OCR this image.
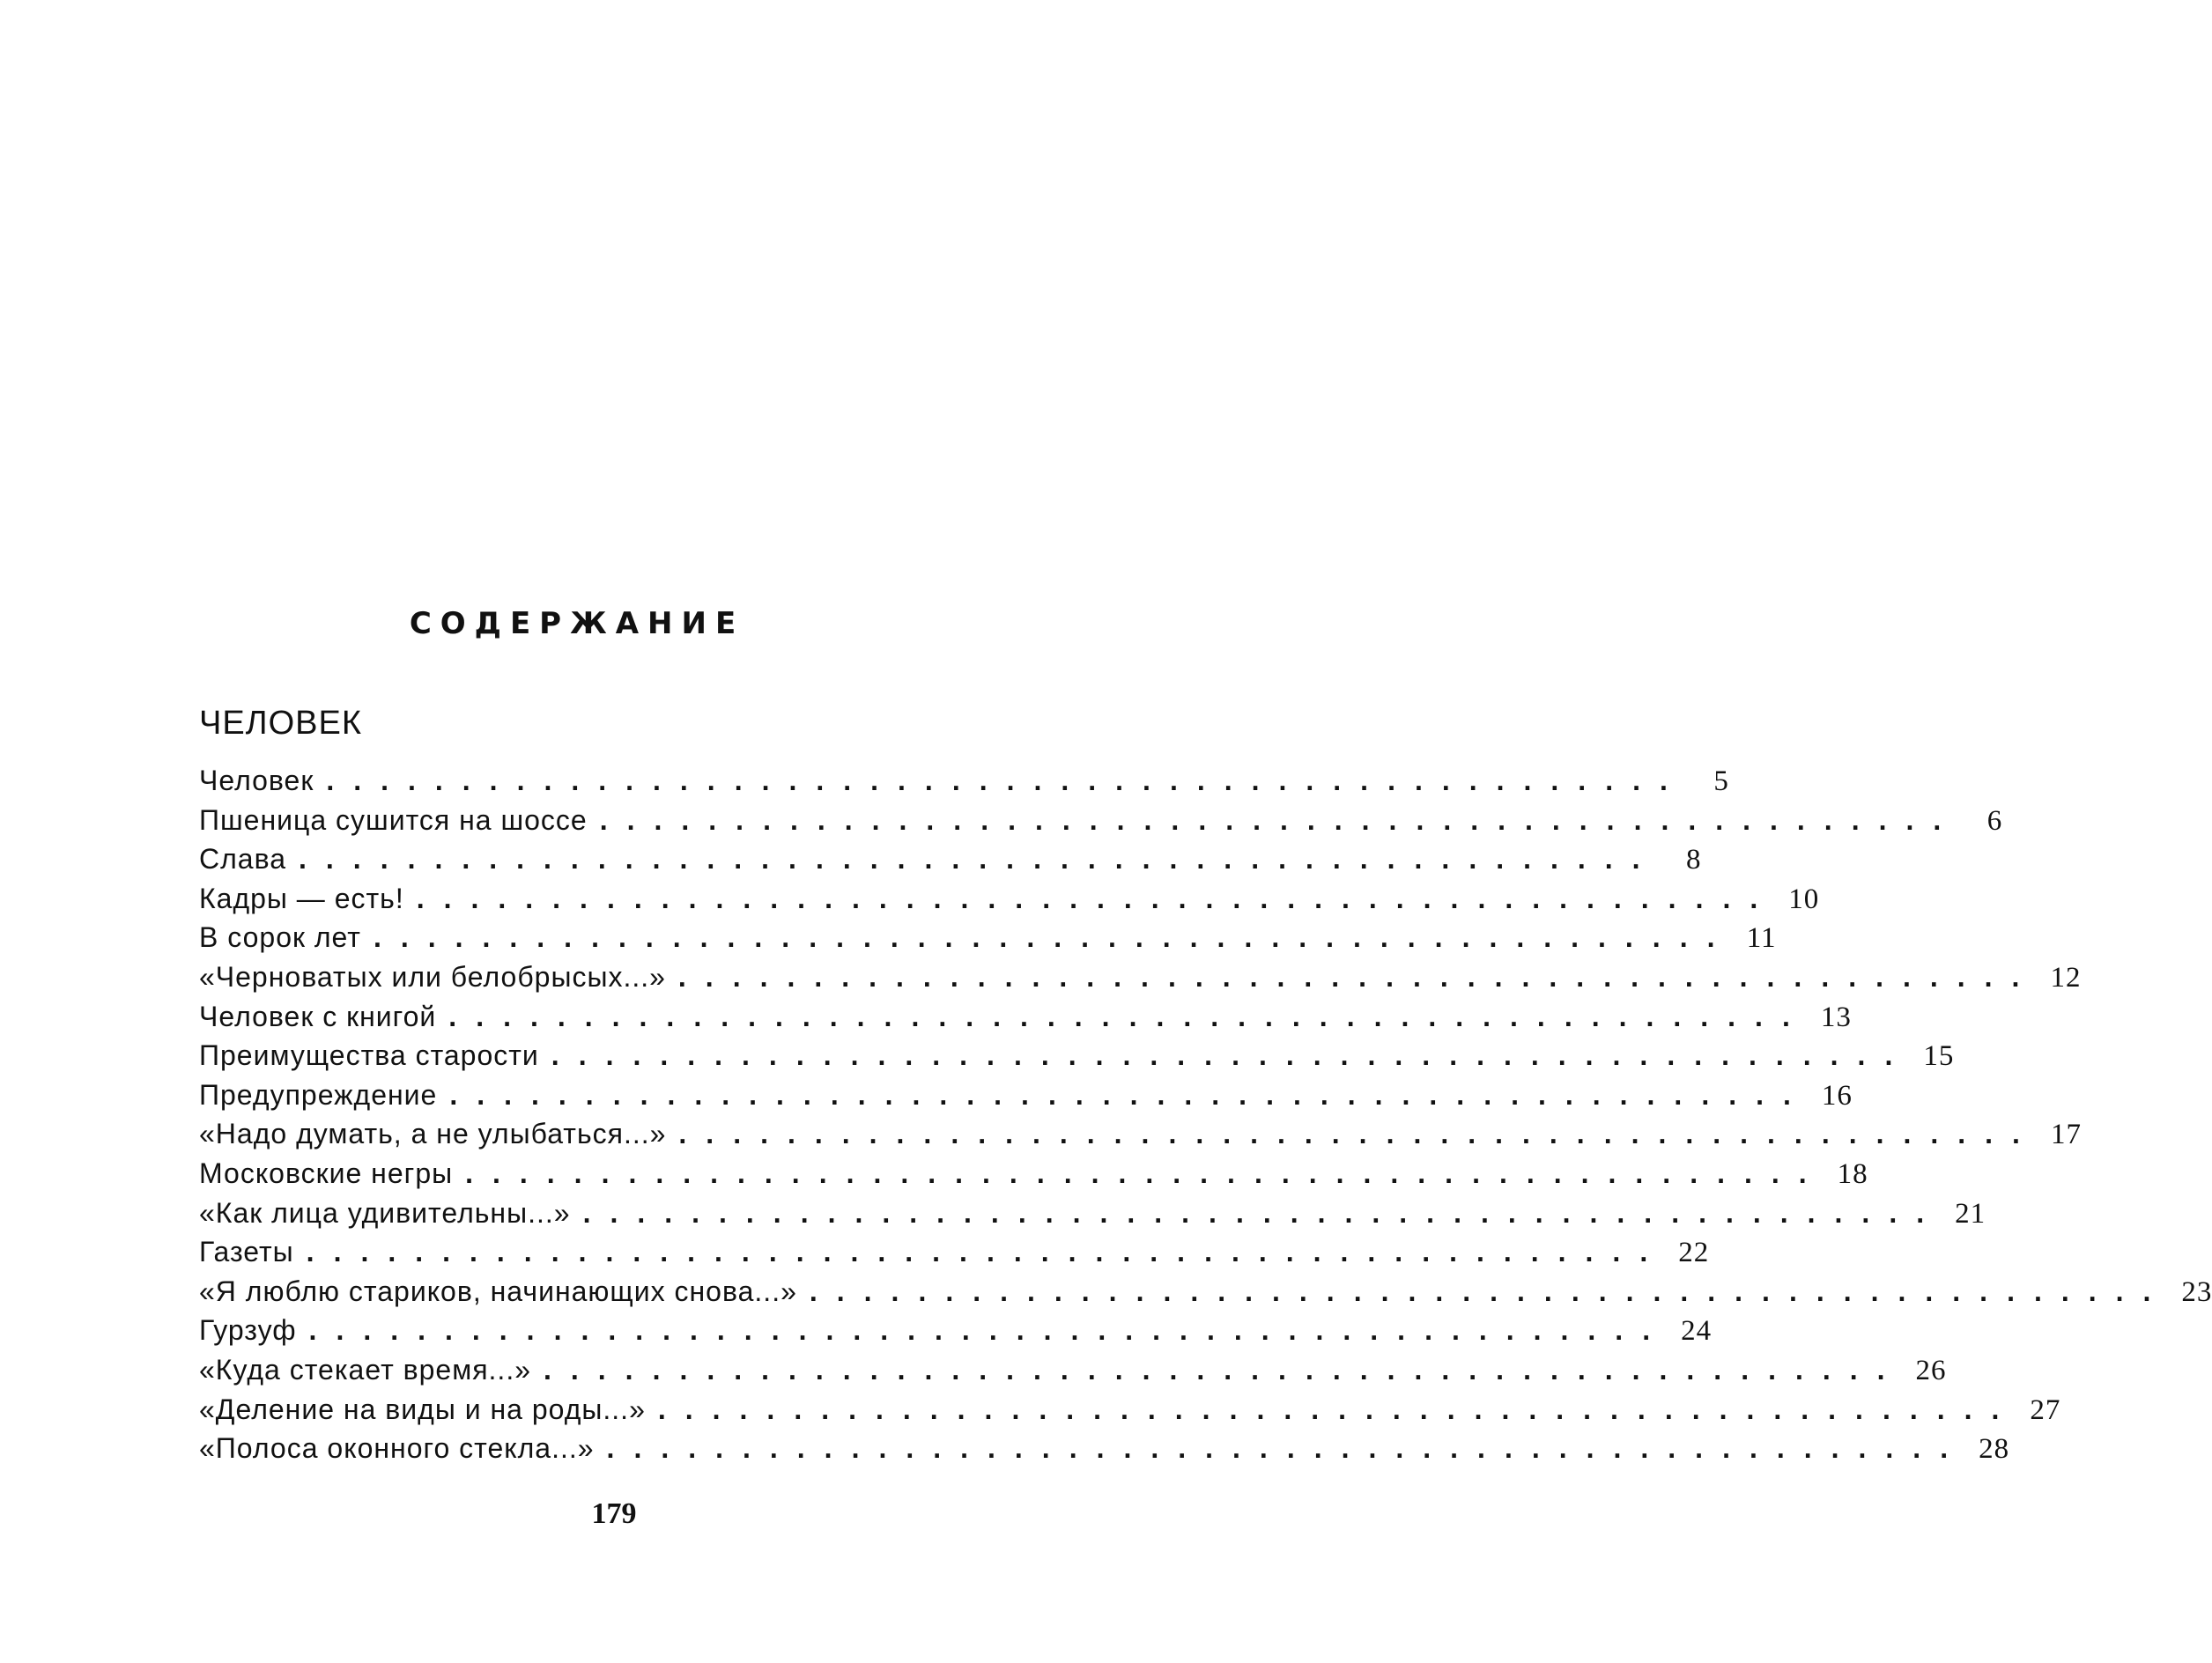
СОДЕРЖАНИЕ
ЧЕЛОВЕК
Человек .................................................. 5
Пшеница сушится на шоссе .................................................. 6
Слава .................................................. 8
Кадры — есть! .................................................. 10
В сорок лет .................................................. 11
«Черноватых или белобрысых...» .................................................. 12
Человек с книгой .................................................. 13
Преимущества старости .................................................. 15
Предупреждение .................................................. 16
«Надо думать, а не улыбаться...» .................................................. 17
Московские негры .................................................. 18
«Как лица удивительны...» .................................................. 21
Газеты .................................................. 22
«Я люблю стариков, начинающих снова...» .................................................. 23
Гурзуф .................................................. 24
«Куда стекает время...» .................................................. 26
«Деление на виды и на роды...» .................................................. 27
«Полоса оконного стекла...» .................................................. 28
179
